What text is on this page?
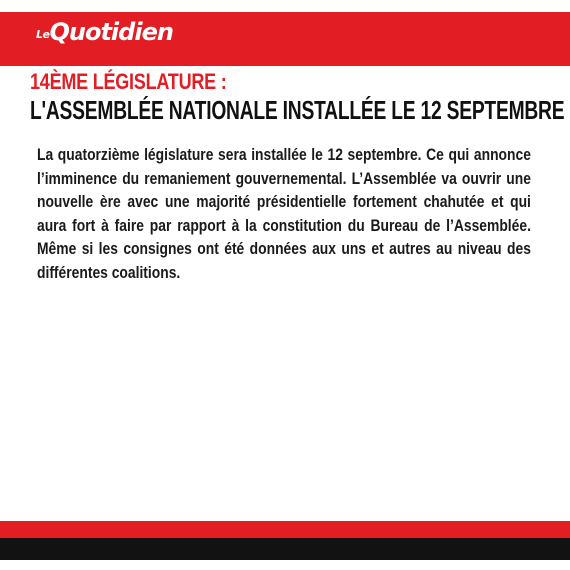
LeQuotidien
14ÈME LÉGISLATURE :
L'ASSEMBLÉE NATIONALE INSTALLÉE LE 12 SEPTEMBRE

La quatorzième législature sera installée le 12 septembre. Ce qui annonce l’imminence du remaniement gouvernemental. L’Assemblée va ouvrir une nouvelle ère avec une majorité présidentielle fortement chahutée et qui aura fort à faire par rapport à la constitution du Bureau de l’Assemblée. Même si les consignes ont été données aux uns et autres au niveau des différentes coalitions.
